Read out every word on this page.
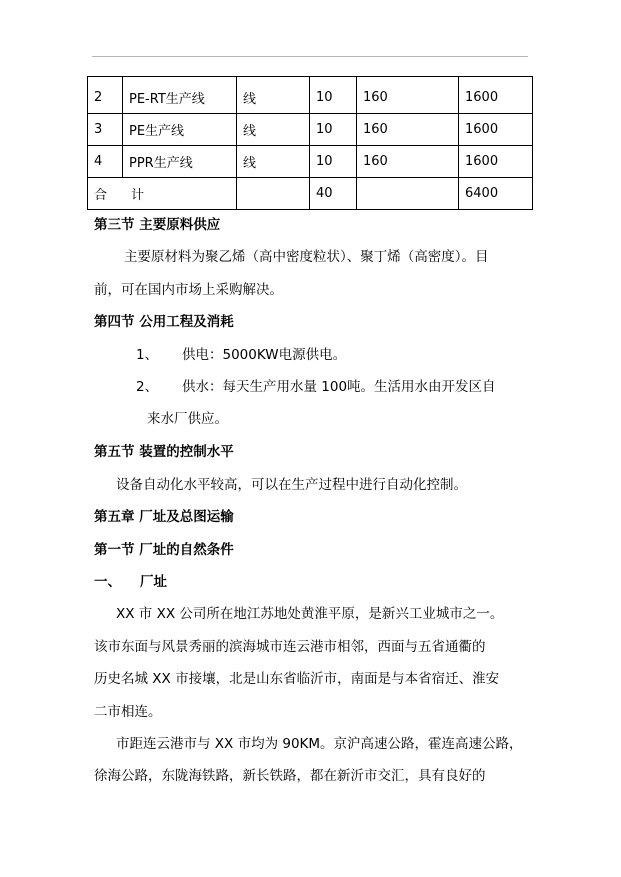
2	PE-RT生产线	线	10	160	1600
3	PE生产线	线	10	160	1600
4	PPR生产线	线	10	160	1600
合 计			40		6400
第三节 主要原料供应
主要原材料为聚乙烯（高中密度粒状）、聚丁烯（高密度）。目
前，可在国内市场上采购解决。
第四节 公用工程及消耗
1、 供电：5000KW电源供电。
2、 供水：每天生产用水量 100吨。生活用水由开发区自
来水厂供应。
第五节 装置的控制水平
设备自动化水平较高，可以在生产过程中进行自动化控制。
第五章 厂址及总图运输
第一节 厂址的自然条件
一、 厂址
XX 市 XX 公司所在地江苏地处黄淮平原，是新兴工业城市之一。
该市东面与风景秀丽的滨海城市连云港市相邻，西面与五省通衢的
历史名城 XX 市接壤，北是山东省临沂市，南面是与本省宿迁、淮安
二市相连。
市距连云港市与 XX 市均为 90KM。京沪高速公路，霍连高速公路，
徐海公路，东陇海铁路，新长铁路，都在新沂市交汇，具有良好的
